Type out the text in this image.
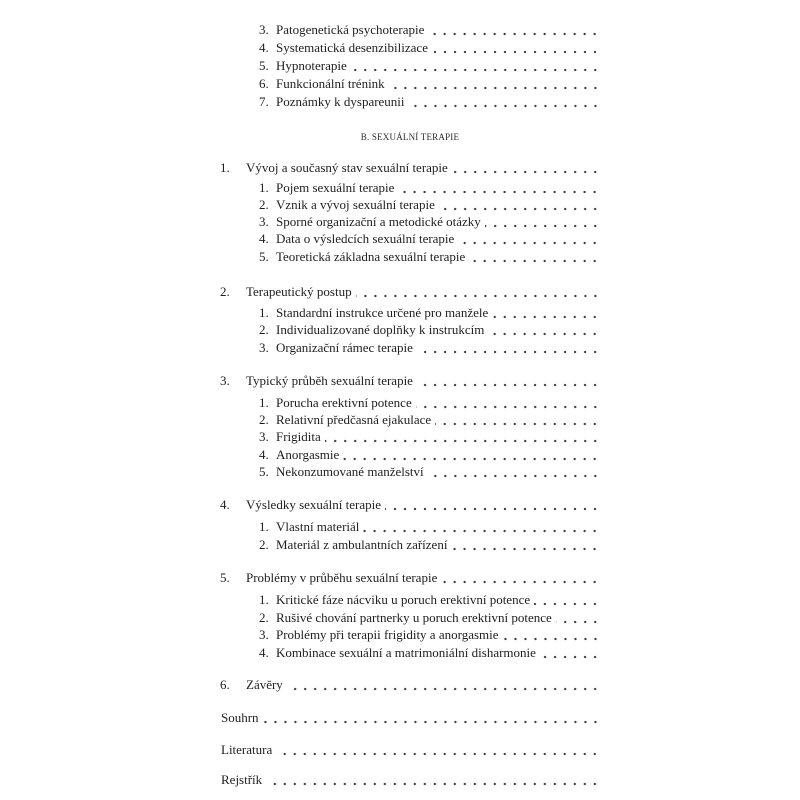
3. Patogenetická psychoterapie
4. Systematická desenzibilizace
5. Hypnoterapie
6. Funkcionální trénink
7. Poznámky k dyspareunii
B. SEXUÁLNÍ TERAPIE
1.	Vývoj a současný stav sexuální terapie
1. Pojem sexuální terapie
2. Vznik a vývoj sexuální terapie
3. Sporné organizační a metodické otázky
4. Data o výsledcích sexuální terapie
5. Teoretická základna sexuální terapie
2.	Terapeutický postup
1. Standardní instrukce určené pro manžele
2. Individualizované doplňky k instrukcím
3. Organizační rámec terapie
3.	Typický průběh sexuální terapie
1. Porucha erektivní potence
2. Relativní předčasná ejakulace
3. Frigidita
4. Anorgasmie
5. Nekonzumované manželství
4.	Výsledky sexuální terapie
1. Vlastní materiál
2. Materiál z ambulantních zařízení
5.	Problémy v průběhu sexuální terapie
1. Kritické fáze nácviku u poruch erektivní potence
2. Rušivé chování partnerky u poruch erektivní potence
3. Problémy při terapii frigidity a anorgasmie
4. Kombinace sexuální a matrimoniální disharmonie
6.	Závěry
Souhrn
Literatura
Rejstřík
